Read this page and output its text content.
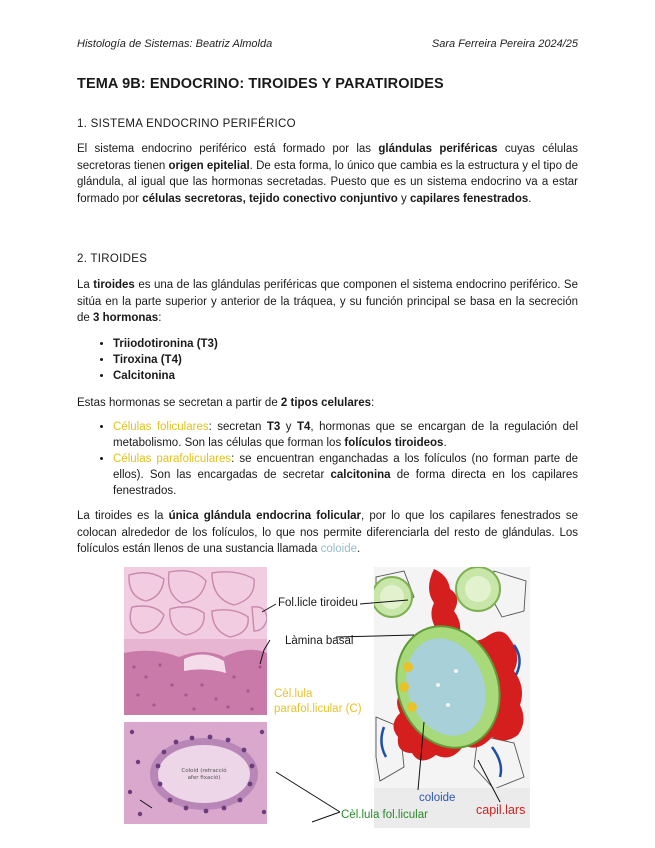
Histología de Sistemas: Beatriz Almolda	Sara Ferreira Pereira 2024/25
TEMA 9B: ENDOCRINO: TIROIDES Y PARATIROIDES
1. SISTEMA ENDOCRINO PERIFÉRICO
El sistema endocrino periférico está formado por las glándulas periféricas cuyas células secretoras tienen origen epitelial. De esta forma, lo único que cambia es la estructura y el tipo de glándula, al igual que las hormonas secretadas. Puesto que es un sistema endocrino va a estar formado por células secretoras, tejido conectivo conjuntivo y capilares fenestrados.
2. TIROIDES
La tiroides es una de las glándulas periféricas que componen el sistema endocrino periférico. Se sitúa en la parte superior y anterior de la tráquea, y su función principal se basa en la secreción de 3 hormonas:
• Triiodotironina (T3)
• Tiroxina (T4)
• Calcitonina
Estas hormonas se secretan a partir de 2 tipos celulares:
• Células foliculares: secretan T3 y T4, hormonas que se encargan de la regulación del metabolismo. Son las células que forman los folículos tiroideos.
• Células parafoliculares: se encuentran enganchadas a los folículos (no forman parte de ellos). Son las encargadas de secretar calcitonina de forma directa en los capilares fenestrados.
La tiroides es la única glándula endocrina folicular, por lo que los capilares fenestrados se colocan alrededor de los folículos, lo que nos permite diferenciarla del resto de glándulas. Los folículos están llenos de una sustancia llamada coloide.
Coloid (retracció
afer fixació)
Fol.licle tiroideu
Làmina basal
Cèl.lula
parafol.licular (C)
coloide
capil.lars
Cèl.lula fol.licular
